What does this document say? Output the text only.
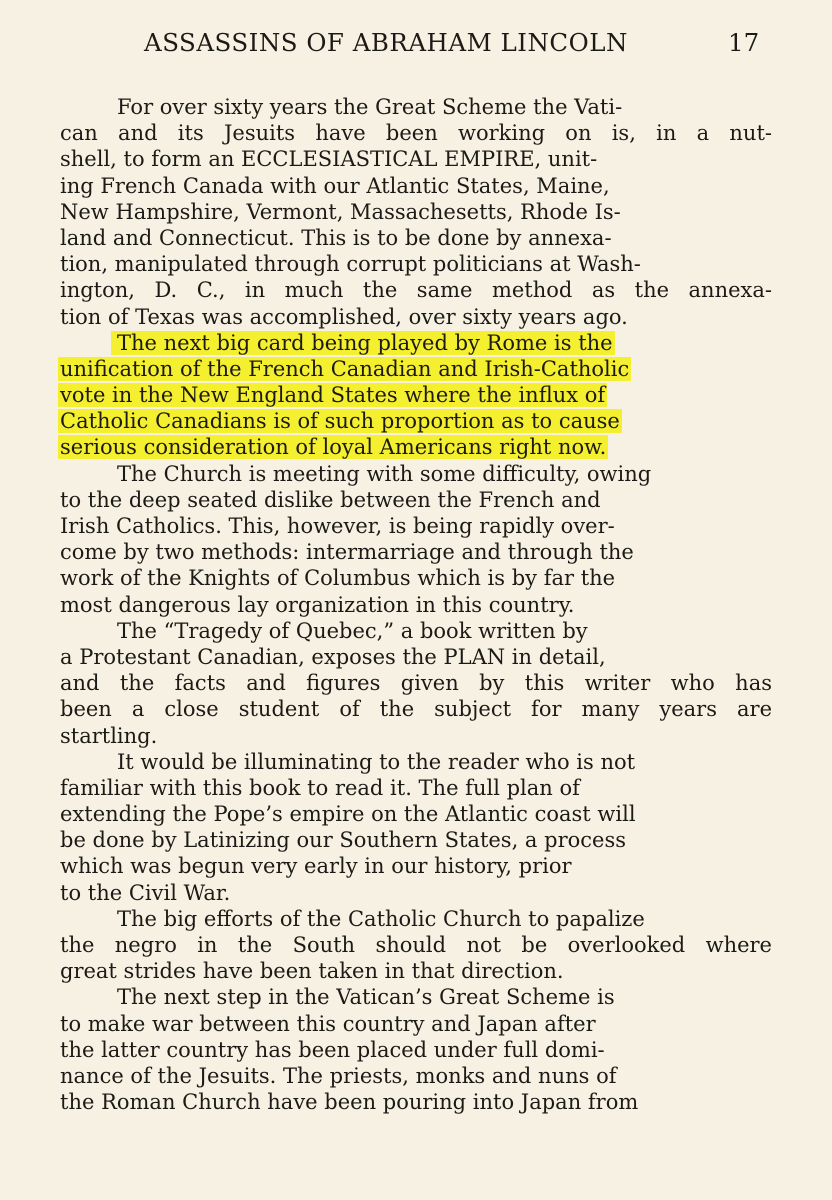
ASSASSINS OF ABRAHAM LINCOLN	17
For over sixty years the Great Scheme the Vati-
can and its Jesuits have been working on is, in a nut-
shell, to form an ECCLESIASTICAL EMPIRE, unit-
ing French Canada with our Atlantic States, Maine,
New Hampshire, Vermont, Massachesetts, Rhode Is-
land and Connecticut. This is to be done by annexa-
tion, manipulated through corrupt politicians at Wash-
ington, D. C., in much the same method as the annexa-
tion of Texas was accomplished, over sixty years ago.
The next big card being played by Rome is the
unification of the French Canadian and Irish-Catholic
vote in the New England States where the influx of
Catholic Canadians is of such proportion as to cause
serious consideration of loyal Americans right now.
The Church is meeting with some difficulty, owing
to the deep seated dislike between the French and
Irish Catholics. This, however, is being rapidly over-
come by two methods: intermarriage and through the
work of the Knights of Columbus which is by far the
most dangerous lay organization in this country.
The “Tragedy of Quebec,” a book written by
a Protestant Canadian, exposes the PLAN in detail,
and the facts and figures given by this writer who has
been a close student of the subject for many years are
startling.
It would be illuminating to the reader who is not
familiar with this book to read it. The full plan of
extending the Pope’s empire on the Atlantic coast will
be done by Latinizing our Southern States, a process
which was begun very early in our history, prior
to the Civil War.
The big efforts of the Catholic Church to papalize
the negro in the South should not be overlooked where
great strides have been taken in that direction.
The next step in the Vatican’s Great Scheme is
to make war between this country and Japan after
the latter country has been placed under full domi-
nance of the Jesuits. The priests, monks and nuns of
the Roman Church have been pouring into Japan from
